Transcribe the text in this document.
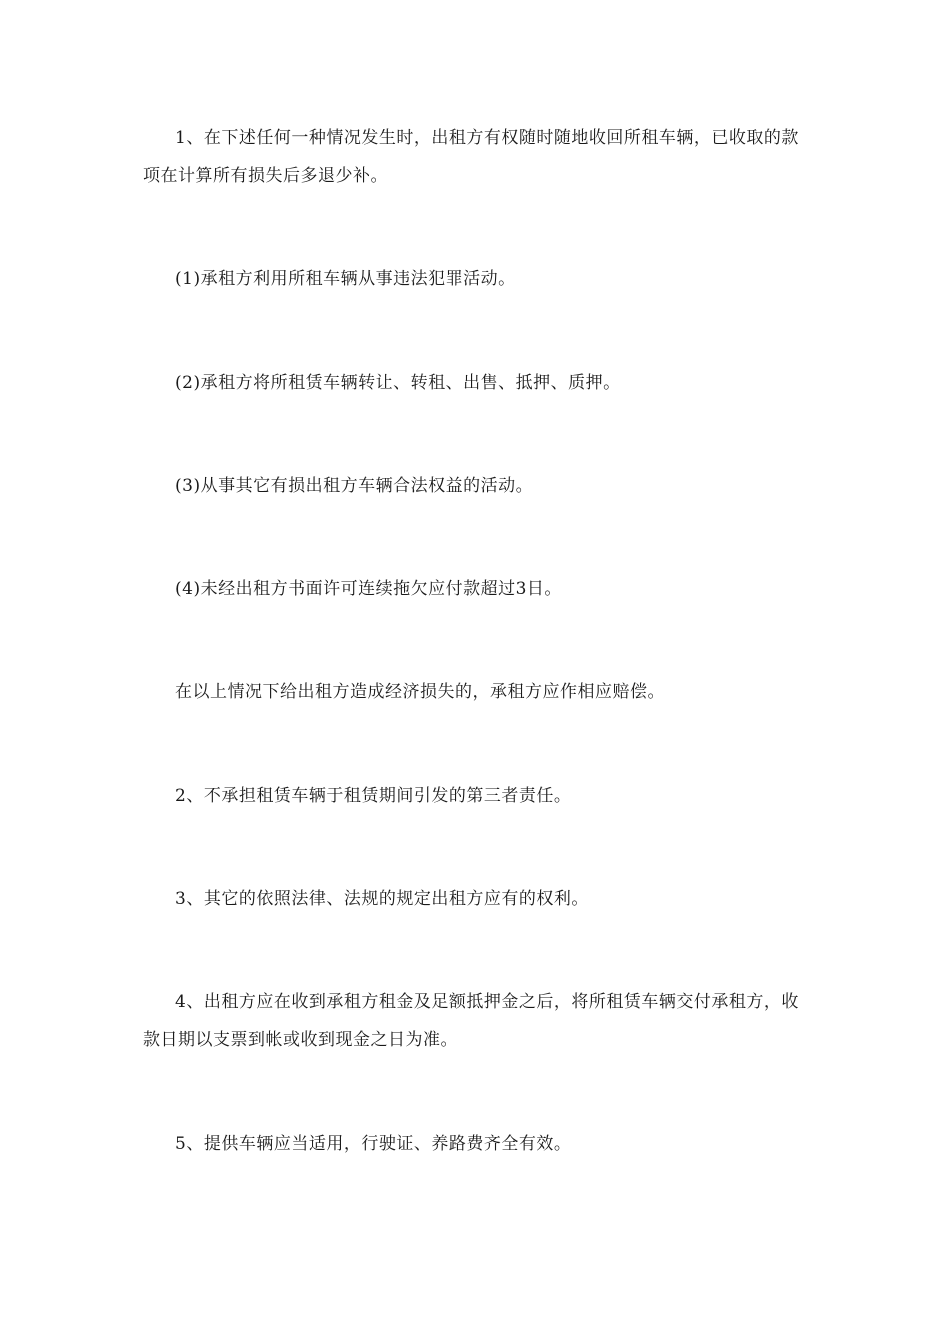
1、在下述任何一种情况发生时，出租方有权随时随地收回所租车辆，已收取的款项在计算所有损失后多退少补。

(1)承租方利用所租车辆从事违法犯罪活动。

(2)承租方将所租赁车辆转让、转租、出售、抵押、质押。

(3)从事其它有损出租方车辆合法权益的活动。

(4)未经出租方书面许可连续拖欠应付款超过3日。

在以上情况下给出租方造成经济损失的，承租方应作相应赔偿。

2、不承担租赁车辆于租赁期间引发的第三者责任。

3、其它的依照法律、法规的规定出租方应有的权利。

4、出租方应在收到承租方租金及足额抵押金之后，将所租赁车辆交付承租方，收款日期以支票到帐或收到现金之日为准。

5、提供车辆应当适用，行驶证、养路费齐全有效。
